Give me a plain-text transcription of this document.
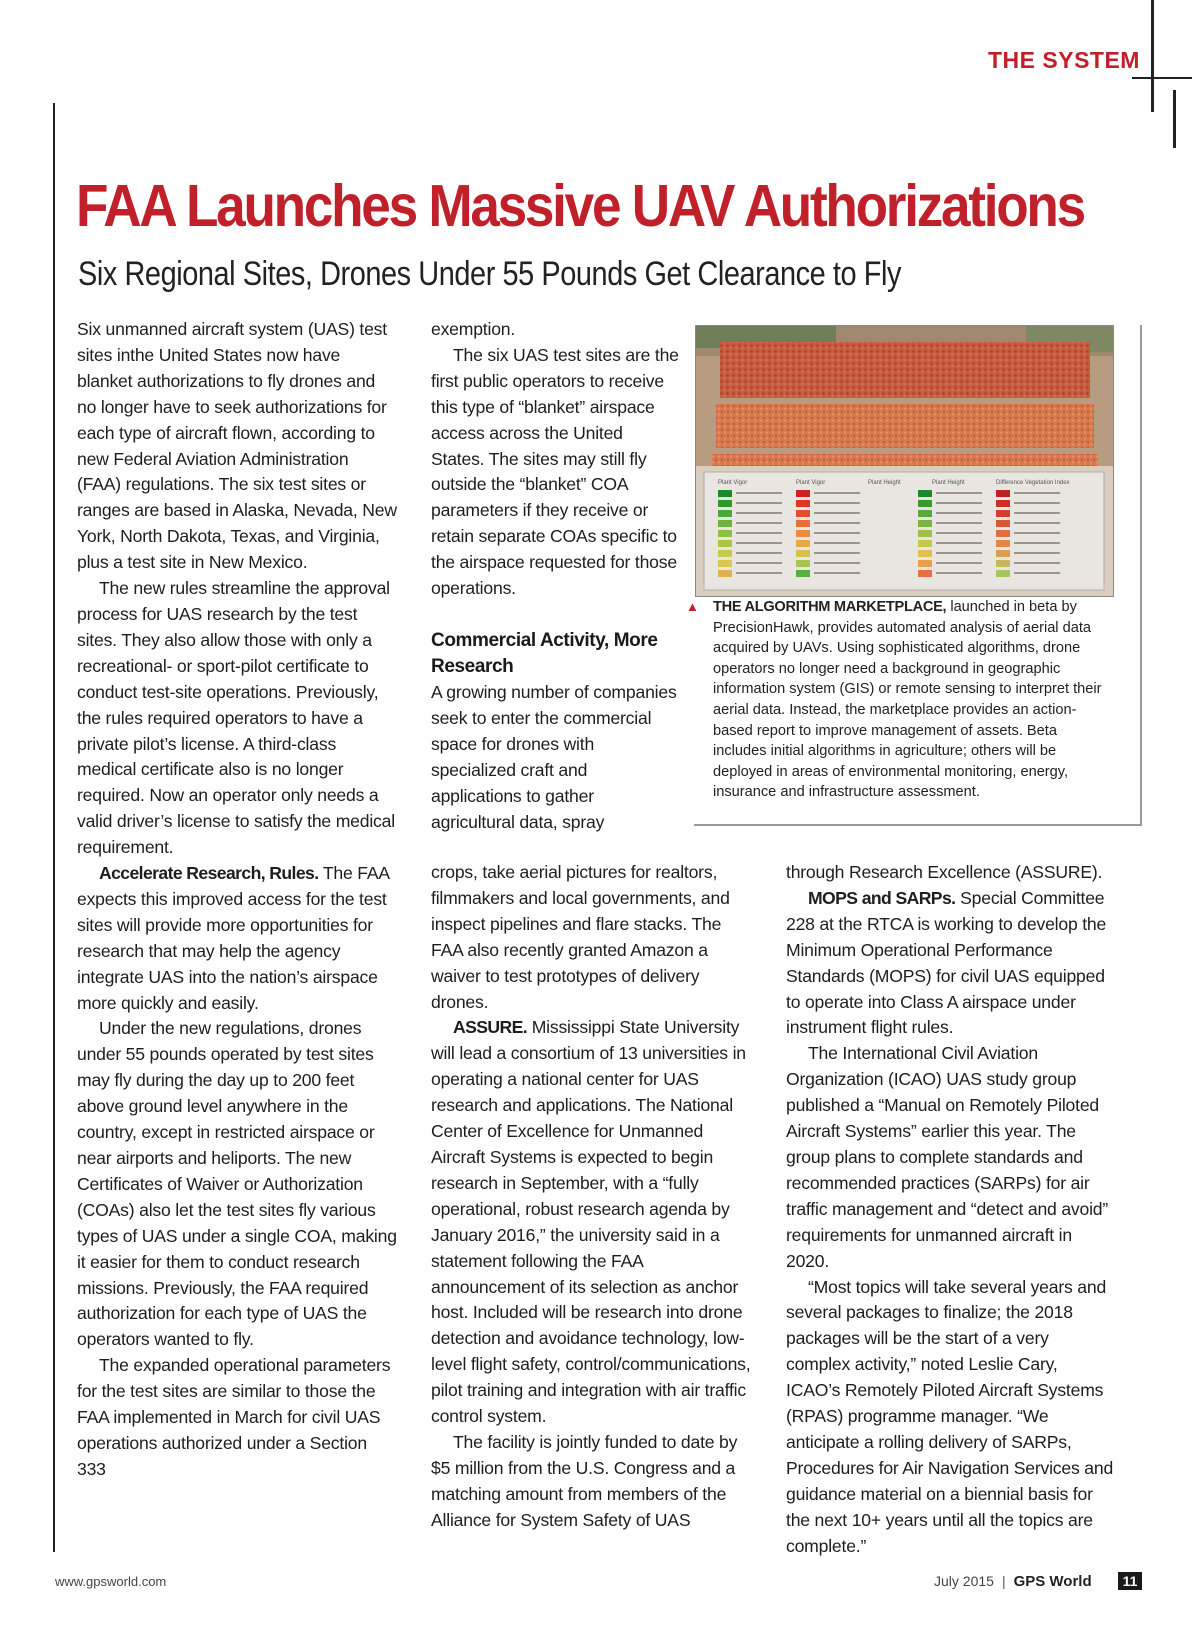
THE SYSTEM
FAA Launches Massive UAV Authorizations
Six Regional Sites, Drones Under 55 Pounds Get Clearance to Fly

Six unmanned aircraft system (UAS) test sites inthe United States now have blanket authorizations to fly drones and no longer have to seek authorizations for each type of aircraft flown, according to new Federal Aviation Administration (FAA) regulations. The six test sites or ranges are based in Alaska, Nevada, New York, North Dakota, Texas, and Virginia, plus a test site in New Mexico.

The new rules streamline the approval process for UAS research by the test sites. They also allow those with only a recreational- or sport-pilot certificate to conduct test-site operations. Previously, the rules required operators to have a private pilot’s license. A third-class medical certificate also is no longer required. Now an operator only needs a valid driver’s license to satisfy the medical requirement.

Accelerate Research, Rules. The FAA expects this improved access for the test sites will provide more opportunities for research that may help the agency integrate UAS into the nation’s airspace more quickly and easily.

Under the new regulations, drones under 55 pounds operated by test sites may fly during the day up to 200 feet above ground level anywhere in the country, except in restricted airspace or near airports and heliports. The new Certificates of Waiver or Authorization (COAs) also let the test sites fly various types of UAS under a single COA, making it easier for them to conduct research missions. Previously, the FAA required authorization for each type of UAS the operators wanted to fly.

The expanded operational parameters for the test sites are similar to those the FAA implemented in March for civil UAS operations authorized under a Section 333

exemption.

The six UAS test sites are the first public operators to receive this type of “blanket” airspace access across the United States. The sites may still fly outside the “blanket” COA parameters if they receive or retain separate COAs specific to the airspace requested for those operations.

Commercial Activity, More Research

A growing number of companies seek to enter the commercial space for drones with specialized craft and applications to gather agricultural data, spray

crops, take aerial pictures for realtors, filmmakers and local governments, and inspect pipelines and flare stacks. The FAA also recently granted Amazon a waiver to test prototypes of delivery drones.

ASSURE. Mississippi State University will lead a consortium of 13 universities in operating a national center for UAS research and applications. The National Center of Excellence for Unmanned Aircraft Systems is expected to begin research in September, with a “fully operational, robust research agenda by January 2016,” the university said in a statement following the FAA announcement of its selection as anchor host. Included will be research into drone detection and avoidance technology, low-level flight safety, control/communications, pilot training and integration with air traffic control system.

The facility is jointly funded to date by $5 million from the U.S. Congress and a matching amount from members of the Alliance for System Safety of UAS

through Research Excellence (ASSURE).

MOPS and SARPs. Special Committee 228 at the RTCA is working to develop the Minimum Operational Performance Standards (MOPS) for civil UAS equipped to operate into Class A airspace under instrument flight rules.

The International Civil Aviation Organization (ICAO) UAS study group published a “Manual on Remotely Piloted Aircraft Systems” earlier this year. The group plans to complete standards and recommended practices (SARPs) for air traffic management and “detect and avoid” requirements for unmanned aircraft in 2020.

“Most topics will take several years and several packages to finalize; the 2018 packages will be the start of a very complex activity,” noted Leslie Cary, ICAO’s Remotely Piloted Aircraft Systems (RPAS) programme manager. “We anticipate a rolling delivery of SARPs, Procedures for Air Navigation Services and guidance material on a biennial basis for the next 10+ years until all the topics are complete.”

Plant Vigor	Plant Vigor	Plant Height	Plant Height	Difference Vegetation Index
▲ THE ALGORITHM MARKETPLACE, launched in beta by PrecisionHawk, provides automated analysis of aerial data acquired by UAVs. Using sophisticated algorithms, drone operators no longer need a background in geographic information system (GIS) or remote sensing to interpret their aerial data. Instead, the marketplace provides an action-based report to improve management of assets. Beta includes initial algorithms in agriculture; others will be deployed in areas of environmental monitoring, energy, insurance and infrastructure assessment.
www.gpsworld.com	July 2015 | GPS World	11
